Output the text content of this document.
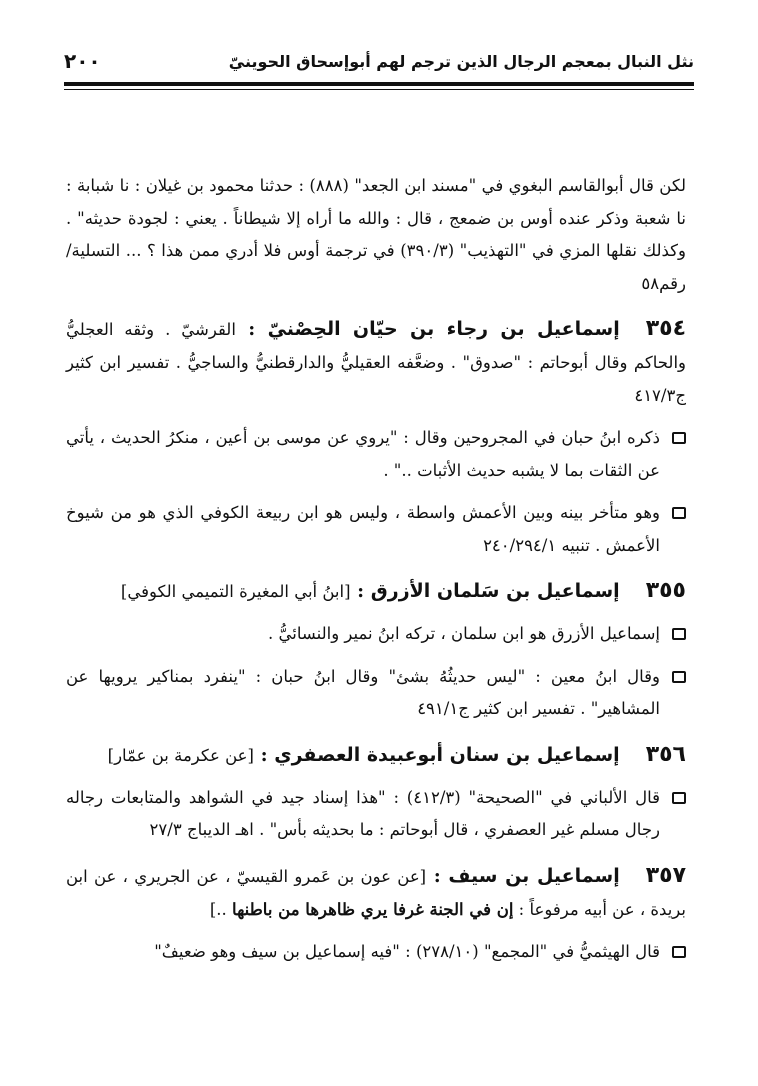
نثل النبال بمعجم الرجال الذين ترجم لهم أبوإسحاق الحوينيّ
٢٠٠

لكن قال أبوالقاسم البغوي في "مسند ابن الجعد" (٨٨٨) : حدثنا محمود بن غيلان : نا شبابة : نا شعبة وذكر عنده أوس بن ضمعج ، قال : والله ما أراه إلا شيطاناً . يعني : لجودة حديثه" . وكذلك نقلها المزي في "التهذيب" (٣٩٠/٣) في ترجمة أوس فلا أدري ممن هذا ؟ ... التسلية/رقم٥٨

٣٥٤إسماعيل بن رجاء بن حيّان الحِصْنيّ : القرشيّ . وثقه العجليُّ والحاكم وقال أبوحاتم : "صدوق" . وضعَّفه العقيليُّ والدارقطنيُّ والساجيُّ . تفسير ابن كثير ج٤١٧/٣
ذكره ابنُ حبان في المجروحين وقال : "يروي عن موسى بن أعين ، منكرُ الحديث ، يأتي عن الثقات بما لا يشبه حديث الأثبات .." .
وهو متأخر بينه وبين الأعمش واسطة ، وليس هو ابن ربيعة الكوفي الذي هو من شيوخ الأعمش . تنبيه ٢٤٠/٢٩٤/١
٣٥٥إسماعيل بن سَلمان الأزرق : [ابنُ أبي المغيرة التميمي الكوفي]
إسماعيل الأزرق هو ابن سلمان ، تركه ابنُ نمير والنسائيُّ .
وقال ابنُ معين : "ليس حديثُهُ بشئ" وقال ابنُ حبان : "ينفرد بمناكير يرويها عن المشاهير" . تفسير ابن كثير ج٤٩١/١
٣٥٦إسماعيل بن سنان أبوعبيدة العصفري : [عن عكرمة بن عمّار]
قال الألباني في "الصحيحة" (٤١٢/٣) : "هذا إسناد جيد في الشواهد والمتابعات رجاله رجال مسلم غير العصفري ، قال أبوحاتم : ما بحديثه بأس" . اهـ الديباج ٢٧/٣
٣٥٧إسماعيل بن سيف : [عن عون بن عَمرو القيسيّ ، عن الجريري ، عن ابن بريدة ، عن أبيه مرفوعاً : إن في الجنة غرفا يري ظاهرها من باطنها ..]
قال الهيثميُّ في "المجمع" (٢٧٨/١٠) : "فيه إسماعيل بن سيف وهو ضعيفٌ"
